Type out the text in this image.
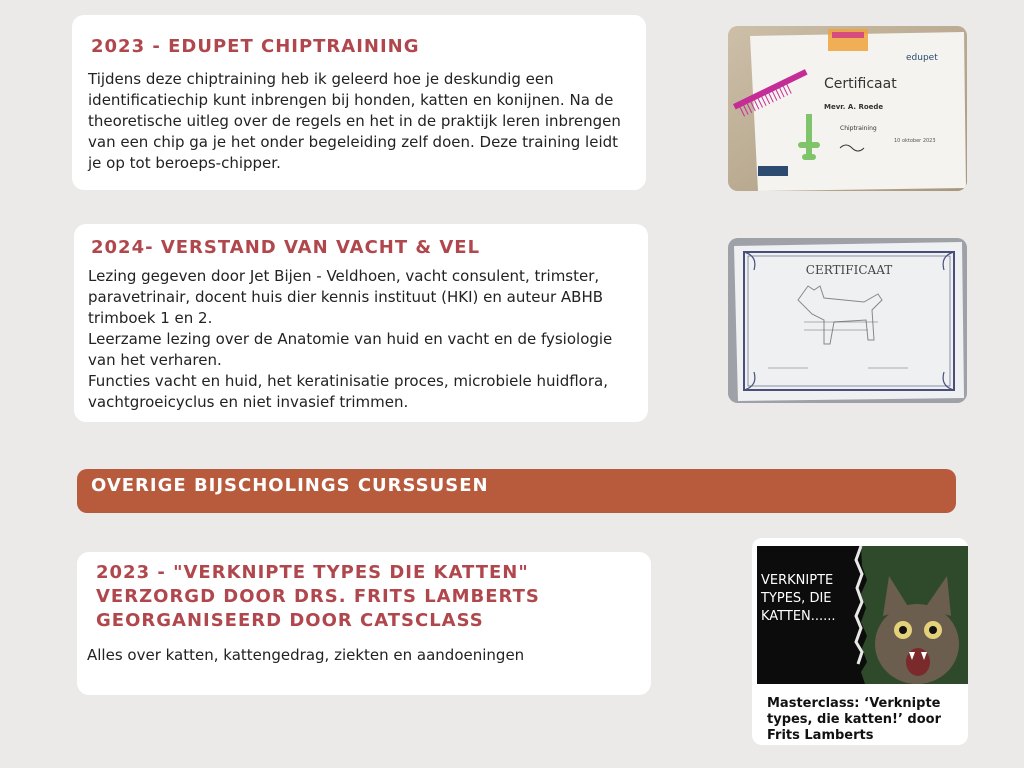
2023 - EDUPET CHIPTRAINING

Tijdens deze chiptraining heb ik geleerd hoe je deskundig een identificatiechip kunt inbrengen bij honden, katten en konijnen. Na de theoretische uitleg over de regels en het in de praktijk leren inbrengen van een chip ga je het onder begeleiding zelf doen. Deze training leidt je op tot beroeps-chipper.

edupet
Certificaat
Mevr. A. Roede
Chiptraining
10 oktober 2023
2024- VERSTAND VAN VACHT & VEL

Lezing gegeven door Jet Bijen - Veldhoen, vacht consulent, trimster, paravetrinair, docent huis dier kennis instituut (HKI) en auteur ABHB trimboek 1 en 2.

Leerzame lezing over de Anatomie van huid en vacht en de fysiologie van het verharen.

Functies vacht en huid, het keratinisatie proces, microbiele huidflora, vachtgroeicyclus en niet invasief trimmen.

CERTIFICAAT
OVERIGE BIJSCHOLINGS CURSSUSEN
2023 - "VERKNIPTE TYPES DIE KATTEN"
VERZORGD DOOR DRS. FRITS LAMBERTS
GEORGANISEERD DOOR CATSCLASS

Alles over katten, kattengedrag, ziekten en aandoeningen

VERKNIPTE
TYPES, DIE
KATTEN......
Masterclass: ‘Verknipte types, die katten!’ door Frits Lamberts
